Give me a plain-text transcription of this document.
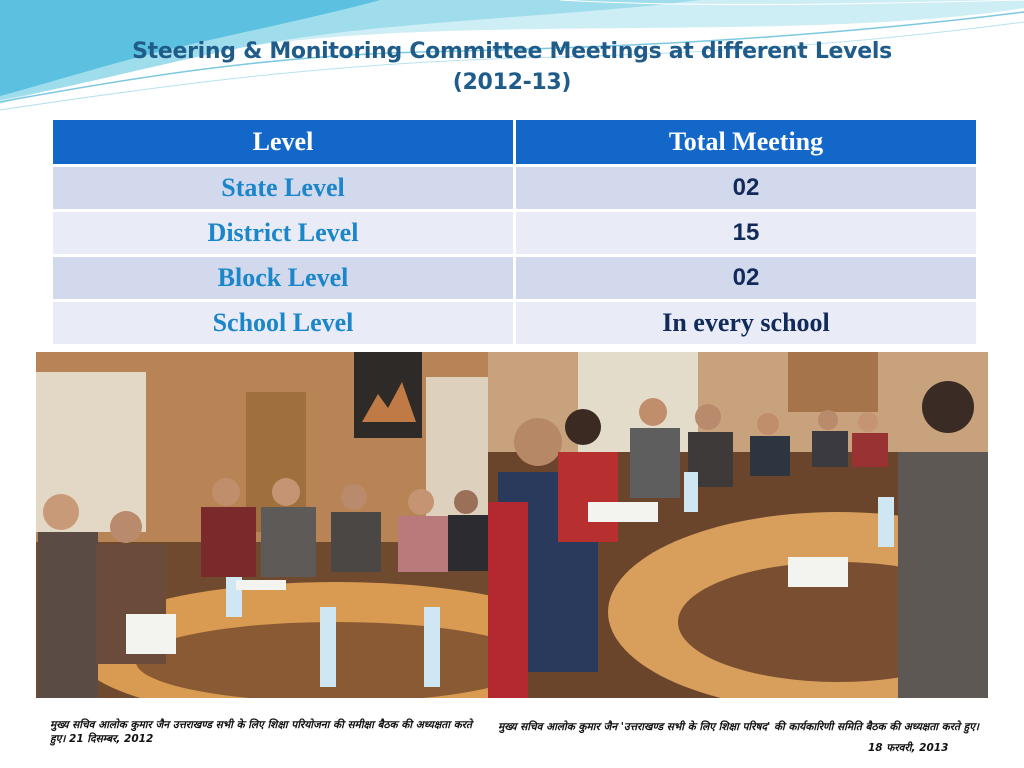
Steering & Monitoring Committee Meetings at different Levels
(2012-13)
Level	Total Meeting
State Level	02
District Level	15
Block Level	02
School Level	In every school
मुख्य सचिव आलोक कुमार जैन उत्तराखण्ड सभी के लिए शिक्षा परियोजना की समीक्षा बैठक की अध्यक्षता करते हुए। 21 दिसम्बर, 2012
मुख्य सचिव आलोक कुमार जैन 'उत्तराखण्ड सभी के लिए शिक्षा परिषद' की कार्यकारिणी समिति बैठक की अध्यक्षता करते हुए।
18 फरवरी, 2013
